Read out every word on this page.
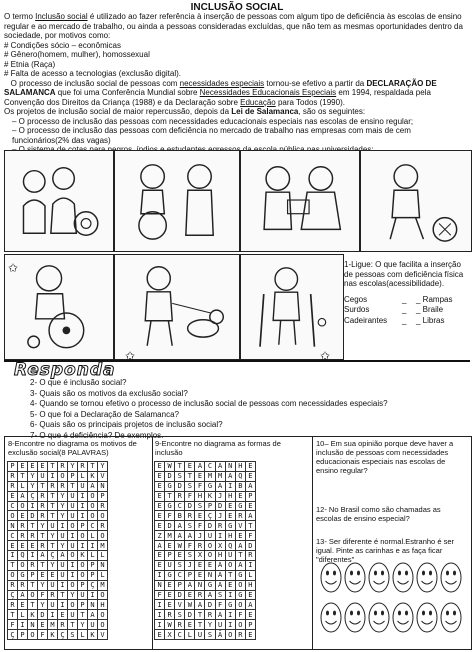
INCLUSÃO SOCIAL

O termo Inclusão social é utilizado ao fazer referência à inserção de pessoas com algum tipo de deficiência às escolas de ensino regular e ao mercado de trabalho, ou ainda a pessoas consideradas excluídas, que não tem as mesmas oportunidades dentro da sociedade, por motivos como:

# Condições sócio – econômicas
# Gênero(homem, mulher), homossexual
# Etnia (Raça)
# Falta de acesso a tecnologias (exclusão digital).

O processo de inclusão social de pessoas com necessidades especiais tornou-se efetivo a partir da DECLARAÇÃO DE SALAMANCA que foi uma Conferência Mundial sobre Necessidades Educacionais Especiais em 1994, respaldada pela Convenção dos Direitos da Criança (1988) e da Declaração sobre Educação para Todos (1990).

Os projetos de inclusão social de maior repercussão, depois da Lei de Salamanca, são os seguintes:

– O processo de inclusão das pessoas com necessidades educacionais especiais nas escolas de ensino regular;
– O processo de inclusão das pessoas com deficiência no mercado de trabalho nas empresas com mais de cem funcionários(2% das vagas)

1-Ligue: O que facilita a inserção de pessoas com deficiência física nas escolas(acessibilidade).
Cegos	_	_ Rampas
Surdos	_	_ Braile
Cadeirantes	_	_ Libras
Responda
2- O que é inclusão social?
3- Quais são os motivos da exclusão social?
4- Quando se tornou efetivo o processo de inclusão social de pessoas com necessidades especiais?
5- O que foi a Declaração de Salamanca?
6- Quais são os principais projetos de inclusão social?
7- O que é deficiência? De exemplos.
8-Encontre no diagrama os motivos de exclusão social(8 PALAVRAS)
P	E	E	E	T	R	Y	R	T	Y
R	T	Y	U	I	O	P	L	K	V
R	L	Y	T	R	R	T	U	A	N
E	A	Ç	R	T	Y	U	I	O	P
C	O	I	R	T	Y	U	I	O	R
O	E	D	R	T	Y	U	I	O	O
N	R	T	Y	U	I	O	P	C	R
C	R	R	T	Y	U	I	O	L	O
E	E	E	R	T	Y	U	I	I	M
I	Q	I	A	Ç	Ã	O	K	L	L
T	O	R	T	Y	U	I	O	P	N
O	G	P	E	E	U	I	O	P	L
R	R	T	Y	U	I	O	P	Ç	M
Ç	Ã	O	F	R	T	Y	U	I	O
R	E	T	Y	U	I	O	P	N	H
T	L	K	D	I	E	U	T	A	O
F	I	N	E	M	R	T	Y	U	O
Ç	P	O	F	K	Ç	S	L	K	V
9-Encontre no diagrama as formas de inclusão
E	W	T	E	A	C	A	N	H	E
E	D	S	T	E	M	M	A	Q	E
E	G	D	S	F	G	A	I	B	A
E	T	R	F	H	K	J	H	E	P
E	G	C	D	S	P	D	E	G	E
E	F	B	R	E	Ç	J	E	R	A
E	D	A	S	F	D	R	G	V	T
Z	M	A	A	J	U	I	H	E	F
A	E	W	F	R	O	X	Q	A	D
E	P	E	S	X	O	H	U	T	R
E	U	S	J	E	E	A	O	A	I
I	G	C	P	E	N	A	T	G	L
N	E	P	A	N	G	A	E	O	H
F	E	D	E	R	A	S	I	G	E
I	E	V	W	A	D	F	G	O	A
I	R	S	D	T	R	A	I	F	E
I	W	R	E	T	Y	U	I	O	P
E	X	C	L	U	S	Ã	O	R	E
10– Em sua opinião porque deve haver a inclusão de pessoas com necessidades educacionais especiais nas escolas de ensino regular?
12- No Brasil como são chamadas as escolas de ensino especial?
13- Ser diferente é normal.Estranho é ser igual. Pinte as carinhas e as faça ficar "diferentes"
✩
✩	✩
